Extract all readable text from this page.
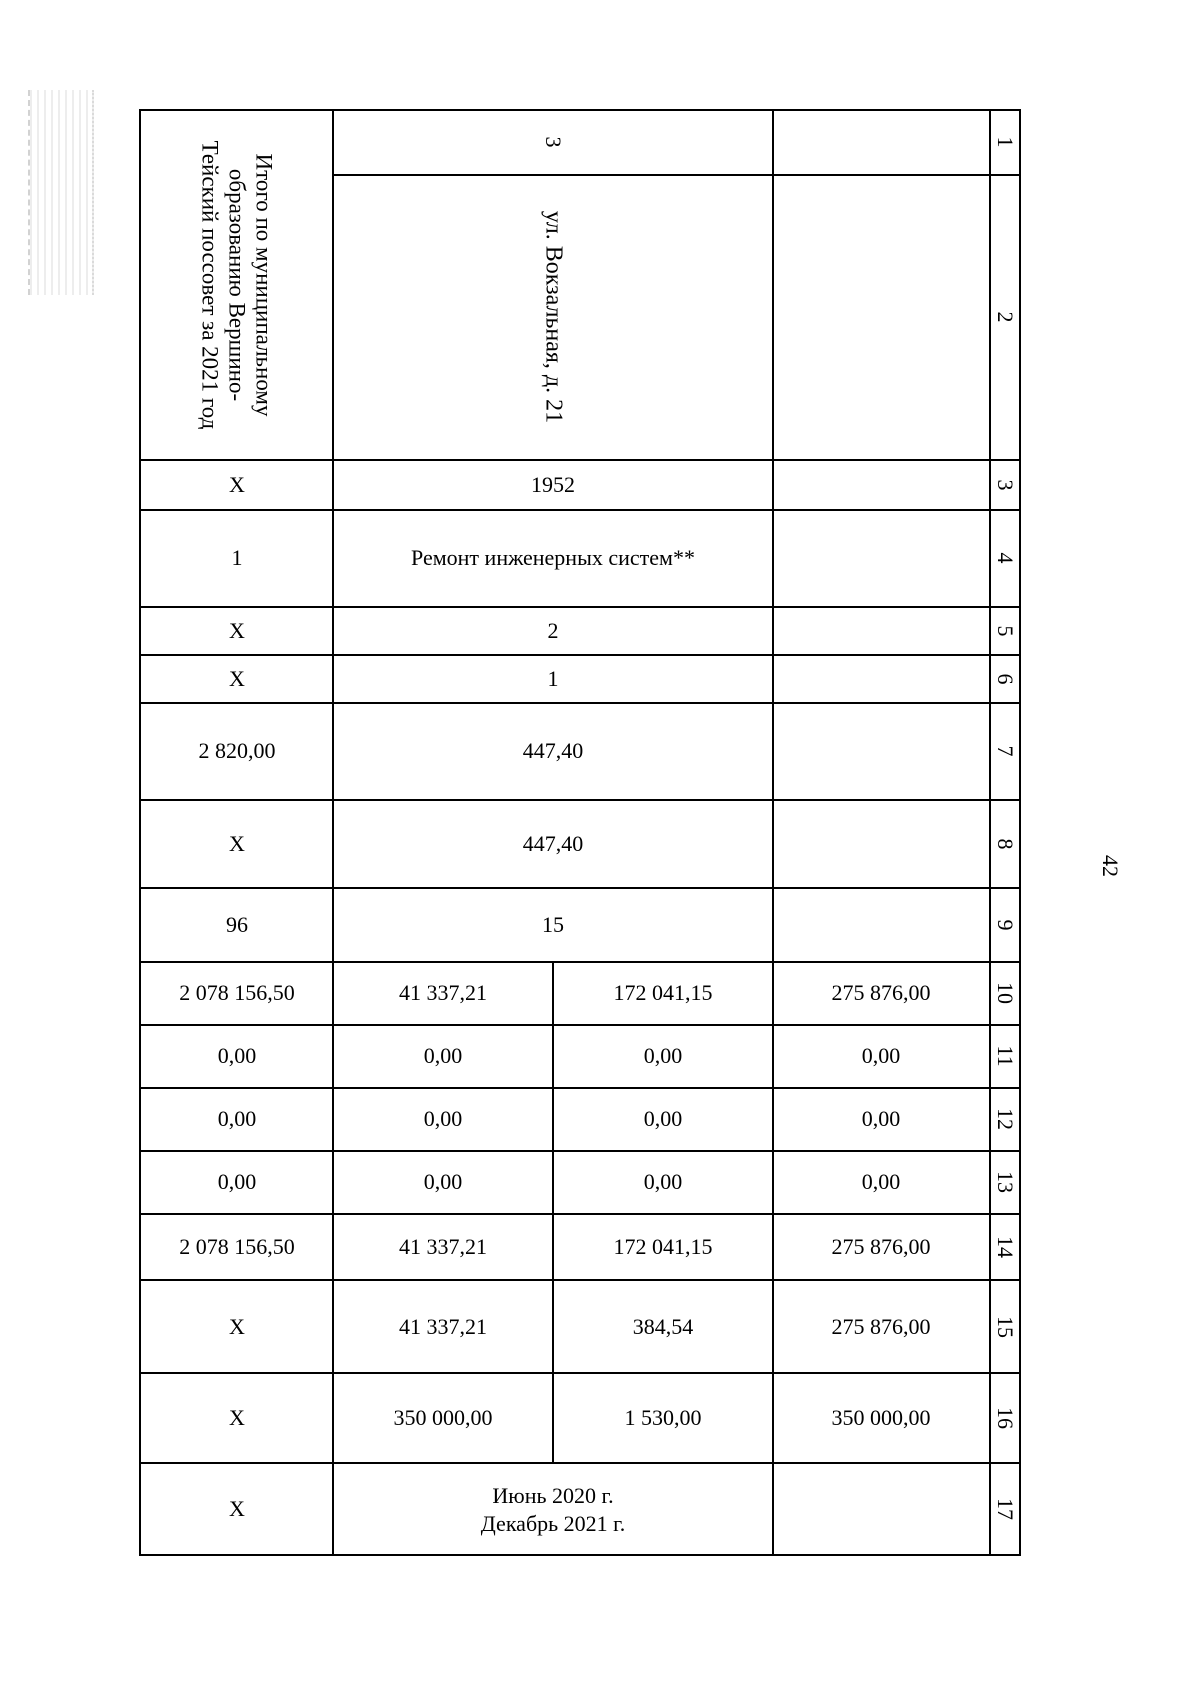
42
1
2
3
4
5
6
7
8
9
10
11
12
13
14
15
16
17
Итого по муниципальному образованию Вершино-Тейский поссовет за 2021 год
X
1
X
X
2 820,00
X
96
2 078 156,50
0,00
0,00
0,00
2 078 156,50
X
X
X
3
ул. Вокзальная, д. 21
1952
Ремонт инженерных систем**
2
1
447,40
447,40
15
Июнь 2020 г.
Декабрь 2021 г.
41 337,21
0,00
0,00
0,00
41 337,21
41 337,21
350 000,00
172 041,15
0,00
0,00
0,00
172 041,15
384,54
1 530,00
275 876,00
0,00
0,00
0,00
275 876,00
275 876,00
350 000,00
